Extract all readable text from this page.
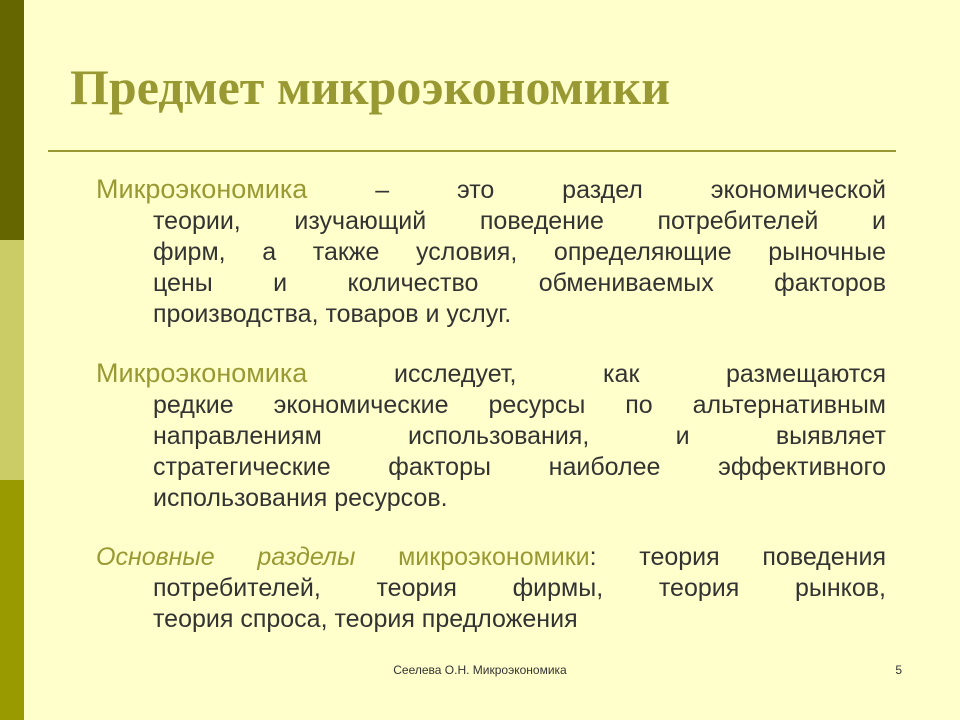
Предмет микроэкономики

Микроэкономика – это раздел экономической
теории, изучающий поведение потребителей и
фирм, а также условия, определяющие рыночные
цены и количество обмениваемых факторов
производства, товаров и услуг.

Микроэкономика исследует, как размещаются
редкие экономические ресурсы по альтернативным
направлениям использования, и выявляет
стратегические факторы наиболее эффективного
использования ресурсов.

Основные разделы микроэкономики: теория поведения
потребителей, теория фирмы, теория рынков,
теория спроса, теория предложения

Сеелева О.Н. Микроэкономика	5
